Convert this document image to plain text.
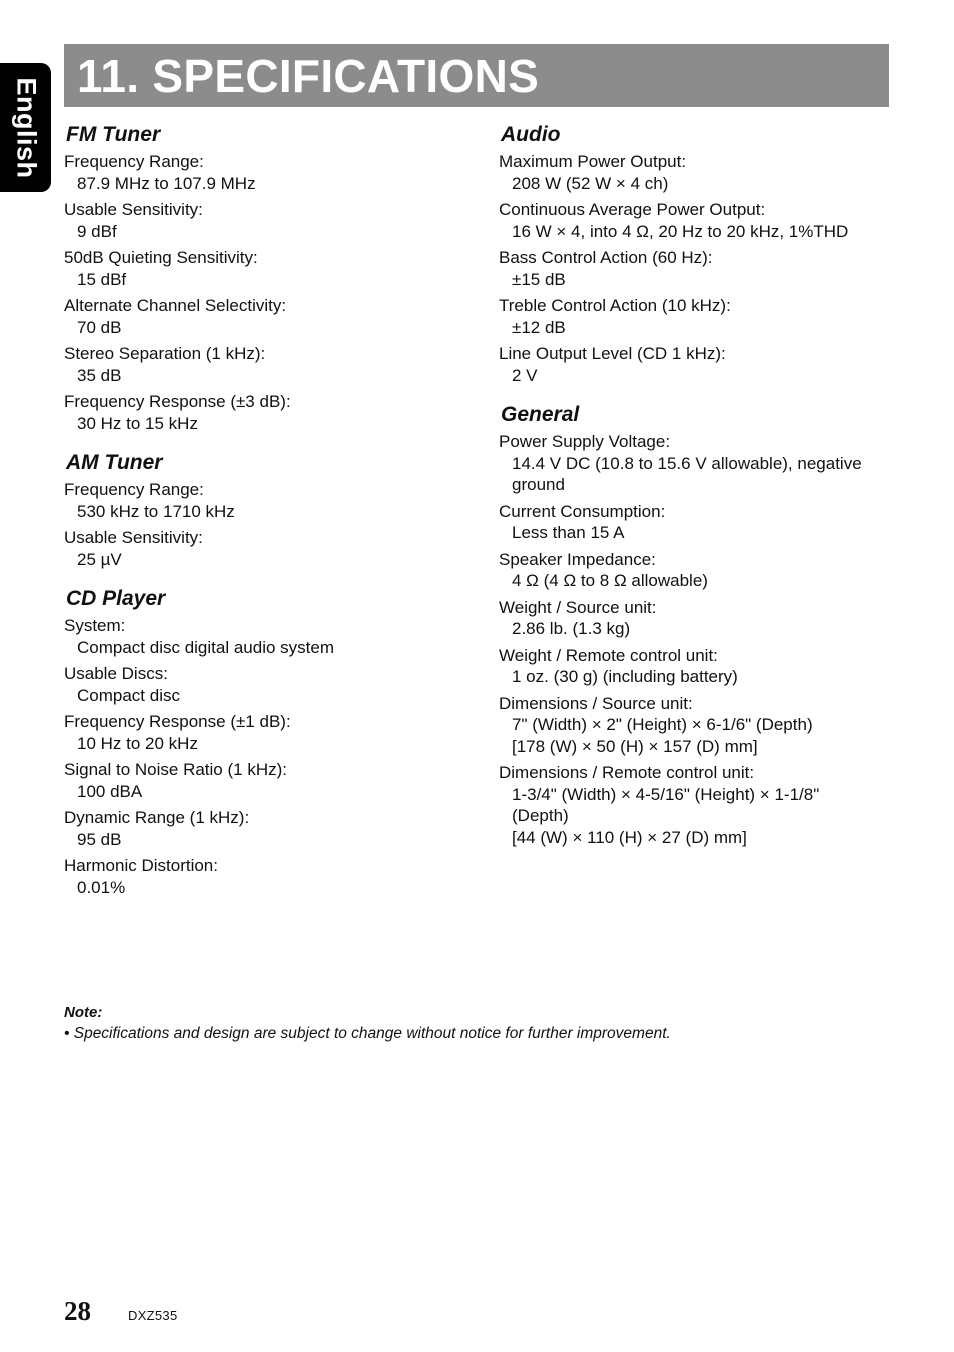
English
11. SPECIFICATIONS
FM Tuner
Frequency Range:
87.9 MHz to 107.9 MHz
Usable Sensitivity:
9 dBf
50dB Quieting Sensitivity:
15 dBf
Alternate Channel Selectivity:
70 dB
Stereo Separation (1 kHz):
35 dB
Frequency Response (±3 dB):
30 Hz to 15 kHz
AM Tuner
Frequency Range:
530 kHz to 1710 kHz
Usable Sensitivity:
25 µV
CD Player
System:
Compact disc digital audio system
Usable Discs:
Compact disc
Frequency Response (±1 dB):
10 Hz to 20 kHz
Signal to Noise Ratio (1 kHz):
100 dBA
Dynamic Range (1 kHz):
95 dB
Harmonic Distortion:
0.01%
Audio
Maximum Power Output:
208 W (52 W × 4 ch)
Continuous Average Power Output:
16 W × 4, into 4 Ω, 20 Hz to 20 kHz, 1%THD
Bass Control Action (60 Hz):
±15 dB
Treble Control Action (10 kHz):
±12 dB
Line Output Level (CD 1 kHz):
2 V
General
Power Supply Voltage:
14.4 V DC (10.8 to 15.6 V allowable), negative
ground
Current Consumption:
Less than 15 A
Speaker Impedance:
4 Ω (4 Ω to 8 Ω allowable)
Weight / Source unit:
2.86 lb. (1.3 kg)
Weight / Remote control unit:
1 oz. (30 g) (including battery)
Dimensions / Source unit:
7" (Width) × 2" (Height) × 6-1/6" (Depth)
[178 (W) × 50 (H) × 157 (D) mm]
Dimensions / Remote control unit:
1-3/4" (Width) × 4-5/16" (Height) × 1-1/8"
(Depth)
[44 (W) × 110 (H) × 27 (D) mm]
Note:
• Specifications and design are subject to change without notice for further improvement.
28	DXZ535
